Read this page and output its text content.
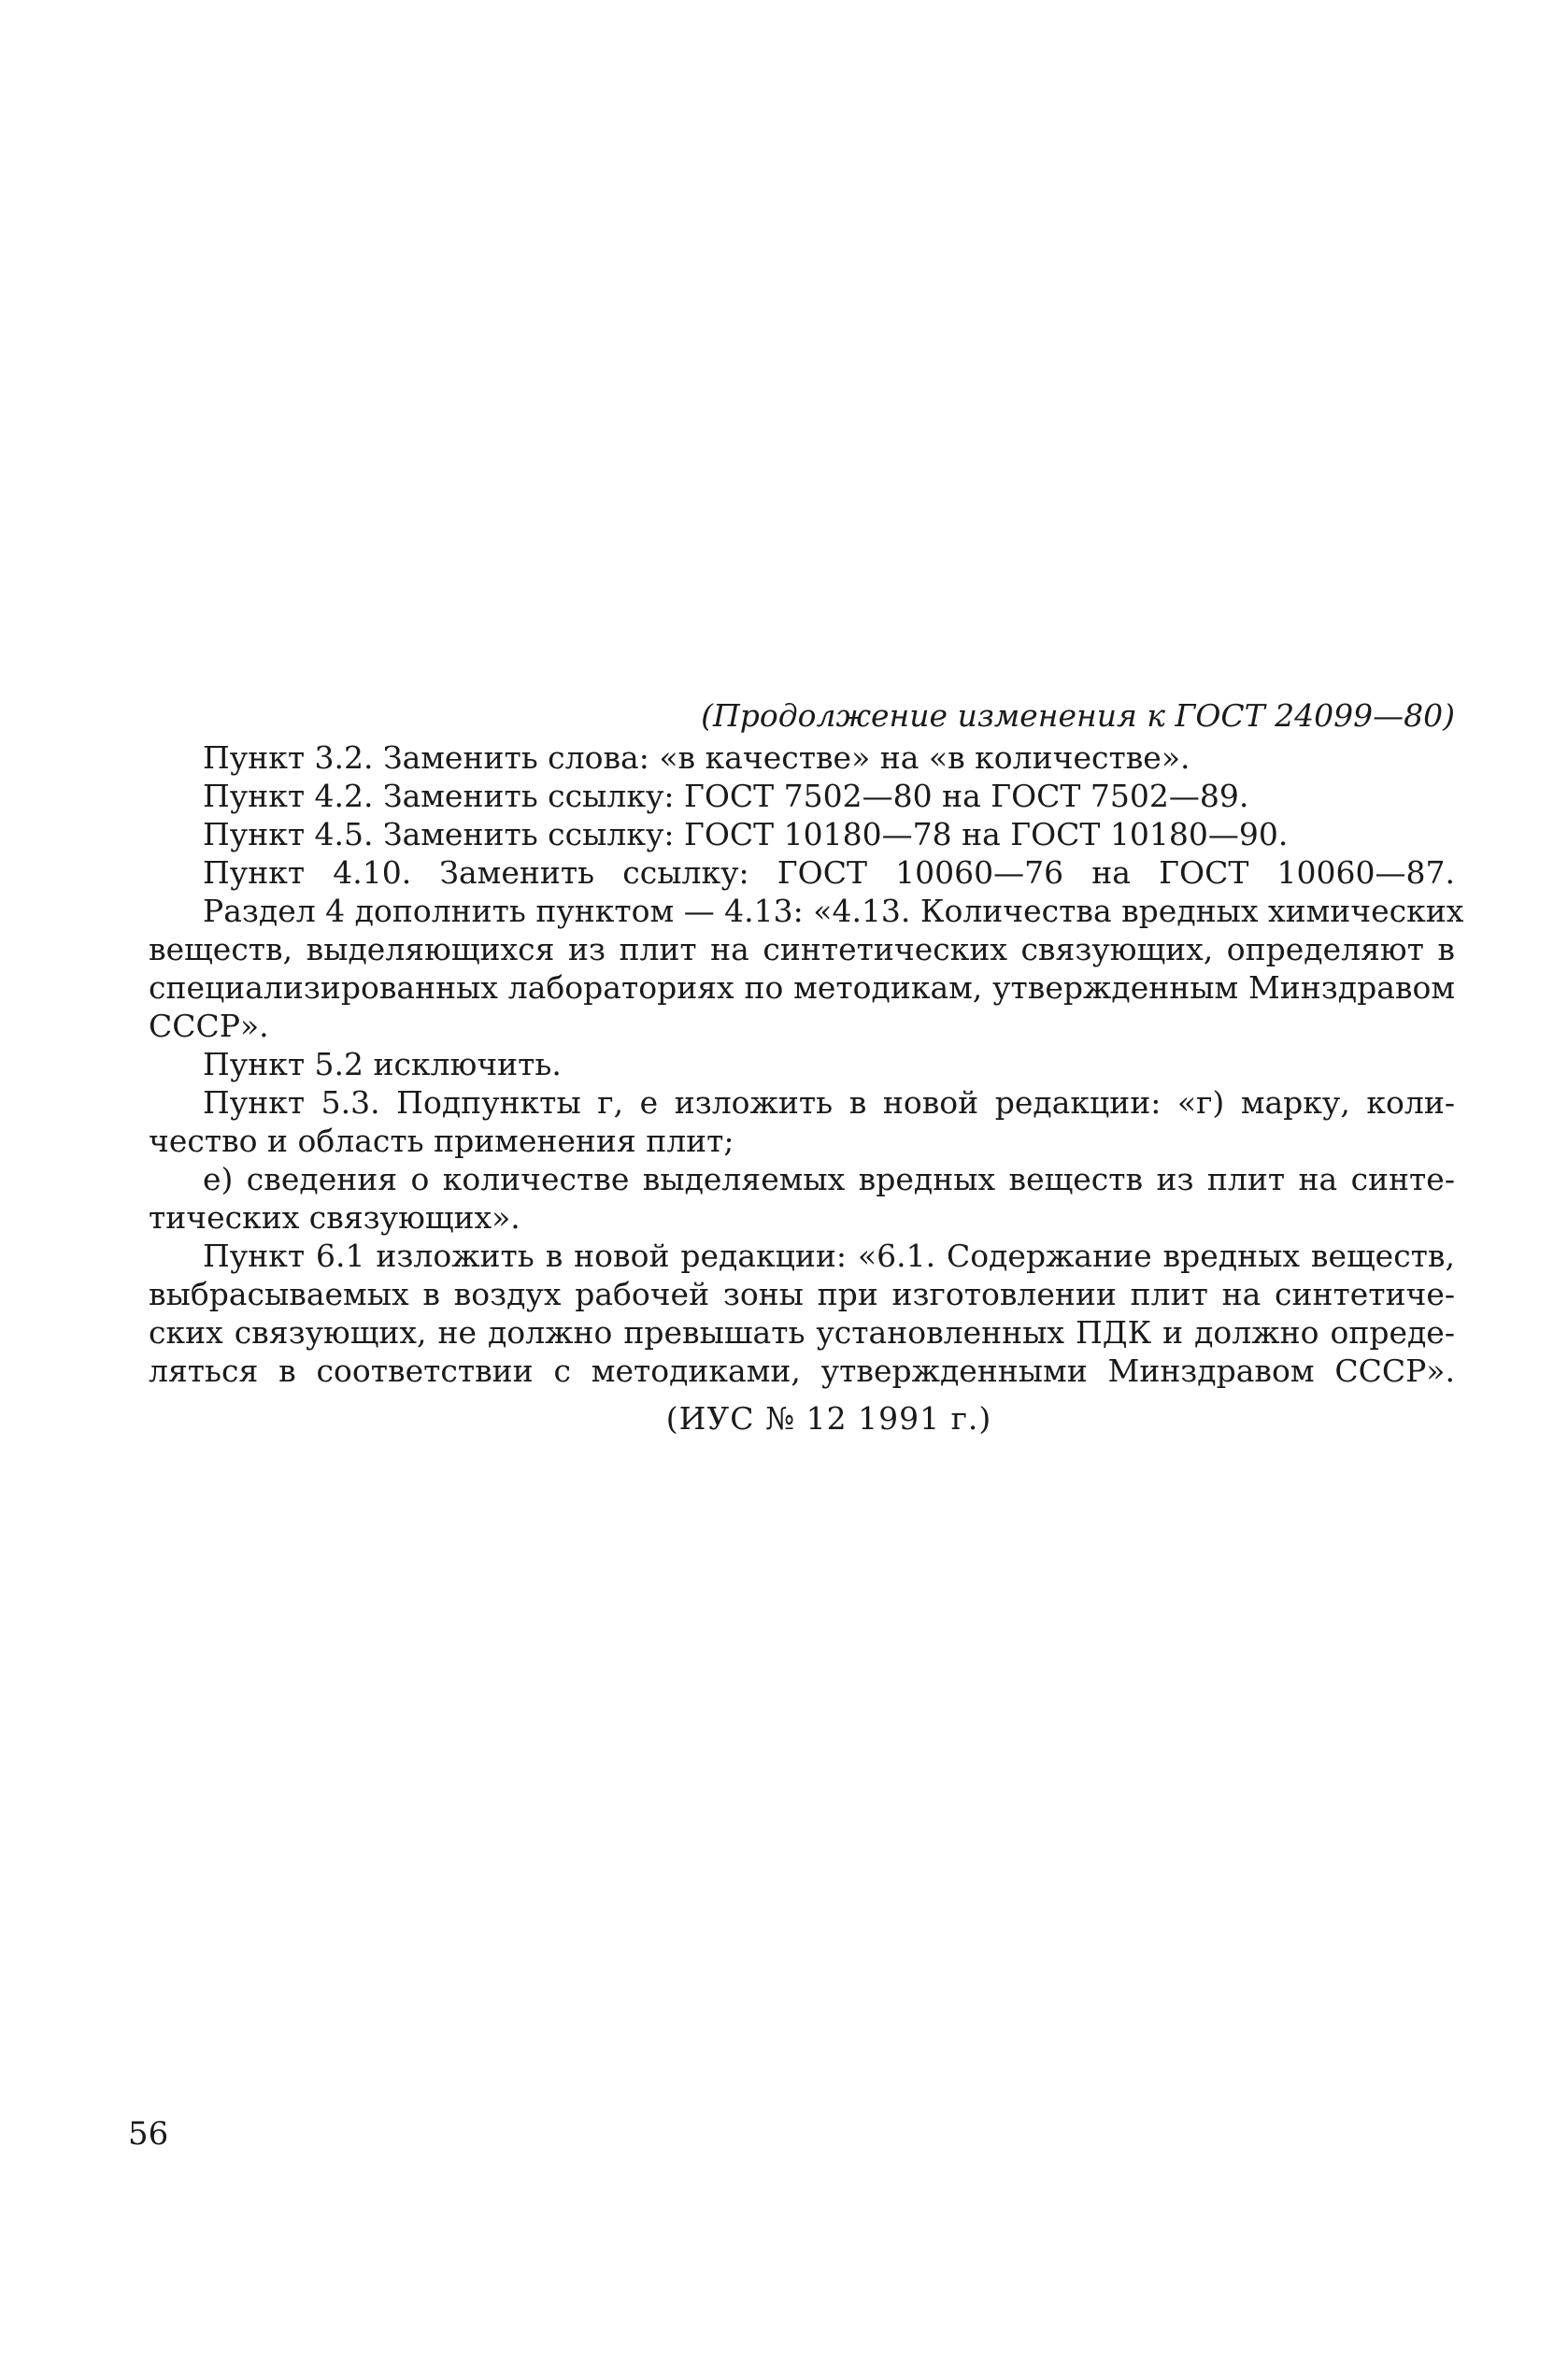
(Продолжение изменения к ГОСТ 24099—80)
Пункт 3.2. Заменить слова: «в качестве» на «в количестве».
Пункт 4.2. Заменить ссылку: ГОСТ 7502—80 на ГОСТ 7502—89.
Пункт 4.5. Заменить ссылку: ГОСТ 10180—78 на ГОСТ 10180—90.
Пункт 4.10. Заменить ссылку: ГОСТ 10060—76 на ГОСТ 10060—87.
Раздел 4 дополнить пунктом — 4.13: «4.13. Количества вредных химических
веществ, выделяющихся из плит на синтетических связующих, определяют в
специализированных лабораториях по методикам, утвержденным Минздравом
СССР».
Пункт 5.2 исключить.
Пункт 5.3. Подпункты г, е изложить в новой редакции: «г) марку, коли-
чество и область применения плит;
е) сведения о количестве выделяемых вредных веществ из плит на синте-
тических связующих».
Пункт 6.1 изложить в новой редакции: «6.1. Содержание вредных веществ,
выбрасываемых в воздух рабочей зоны при изготовлении плит на синтетиче-
ских связующих, не должно превышать установленных ПДК и должно опреде-
ляться в соответствии с методиками, утвержденными Минздравом СССР».
(ИУС № 12 1991 г.)
56
